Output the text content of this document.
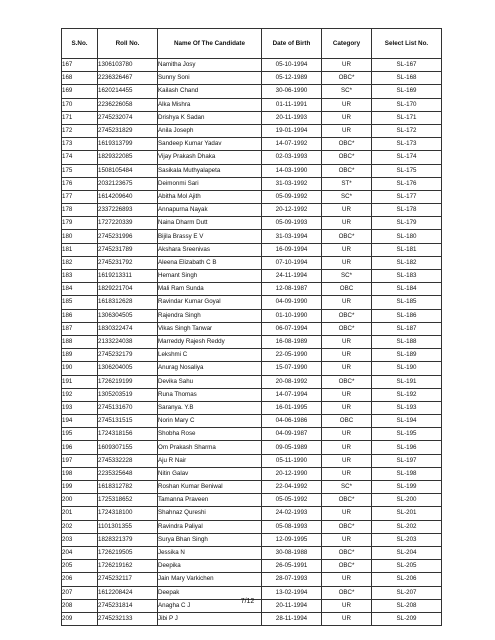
S.No.	Roll No.	Name Of The Candidate	Date of Birth	Category	Select List No.
167	1306103780	Namitha Josy	05-10-1994	UR	SL-167
168	2236326467	Sunny Soni	05-12-1989	OBC*	SL-168
169	1620214455	Kailash Chand	30-06-1990	SC*	SL-169
170	2236226058	Alka Mishra	01-11-1991	UR	SL-170
171	2745232074	Drishya K Sadan	20-11-1993	UR	SL-171
172	2745231829	Anila Joseph	19-01-1994	UR	SL-172
173	1619313799	Sandeep Kumar Yadav	14-07-1992	OBC*	SL-173
174	1829322085	Vijay Prakash Dhaka	02-03-1993	OBC*	SL-174
175	1508105484	Sasikala Muthyalapeta	14-03-1990	OBC*	SL-175
176	2032123675	Deimonmi Sari	31-03-1992	ST*	SL-176
177	1614209640	Abitha Mol Ajith	05-09-1992	SC*	SL-177
178	2337226893	Annapurna Nayak	20-12-1992	UR	SL-178
179	1727220339	Naina Dharm Dutt	05-09-1993	UR	SL-179
180	2745231996	Bijila Brassy E V	31-03-1994	OBC*	SL-180
181	2745231789	Akshara Sreenivas	16-09-1994	UR	SL-181
182	2745231792	Aleena Elizabath C B	07-10-1994	UR	SL-182
183	1619213311	Hemant Singh	24-11-1994	SC*	SL-183
184	1829221704	Mali Ram Sunda	12-08-1987	OBC	SL-184
185	1618312628	Ravindar Kumar Goyal	04-09-1990	UR	SL-185
186	1306304505	Rajendra Singh	01-10-1990	OBC*	SL-186
187	1830322474	Vikas Singh Tanwar	06-07-1994	OBC*	SL-187
188	2133224038	Marreddy Rajesh Reddy	16-08-1989	UR	SL-188
189	2745232179	Lekshmi C	22-05-1990	UR	SL-189
190	1306204005	Anurag Nosaliya	15-07-1990	UR	SL-190
191	1726219199	Devika Sahu	20-08-1992	OBC*	SL-191
192	1305203519	Runa Thomas	14-07-1994	UR	SL-192
193	2745131670	Saranya. Y.B	16-01-1995	UR	SL-193
194	2745131515	Norin Mary C	04-06-1986	OBC	SL-194
195	1724318156	Shobha Rose	04-09-1987	UR	SL-195
196	1609307155	Om Prakash Sharma	09-05-1989	UR	SL-196
197	2745332228	Aju R Nair	05-11-1990	UR	SL-197
198	2235325648	Nitin Galav	20-12-1990	UR	SL-198
199	1618312782	Roshan Kumar Beniwal	22-04-1992	SC*	SL-199
200	1725318652	Tamanna Praveen	05-05-1992	OBC*	SL-200
201	1724318100	Shahnaz Qureshi	24-02-1993	UR	SL-201
202	1101301355	Ravindra Paliyal	05-08-1993	OBC*	SL-202
203	1828321379	Surya Bhan Singh	12-09-1995	UR	SL-203
204	1726219505	Jessika N	30-08-1988	OBC*	SL-204
205	1726219162	Deepika	26-05-1991	OBC*	SL-205
206	2745232117	Jain Mary Varkichen	28-07-1993	UR	SL-206
207	1612208424	Deepak	13-02-1994	OBC*	SL-207
208	2745231814	Anagha C J	20-11-1994	UR	SL-208
209	2745232133	Jibi P J	28-11-1994	UR	SL-209
7/12
